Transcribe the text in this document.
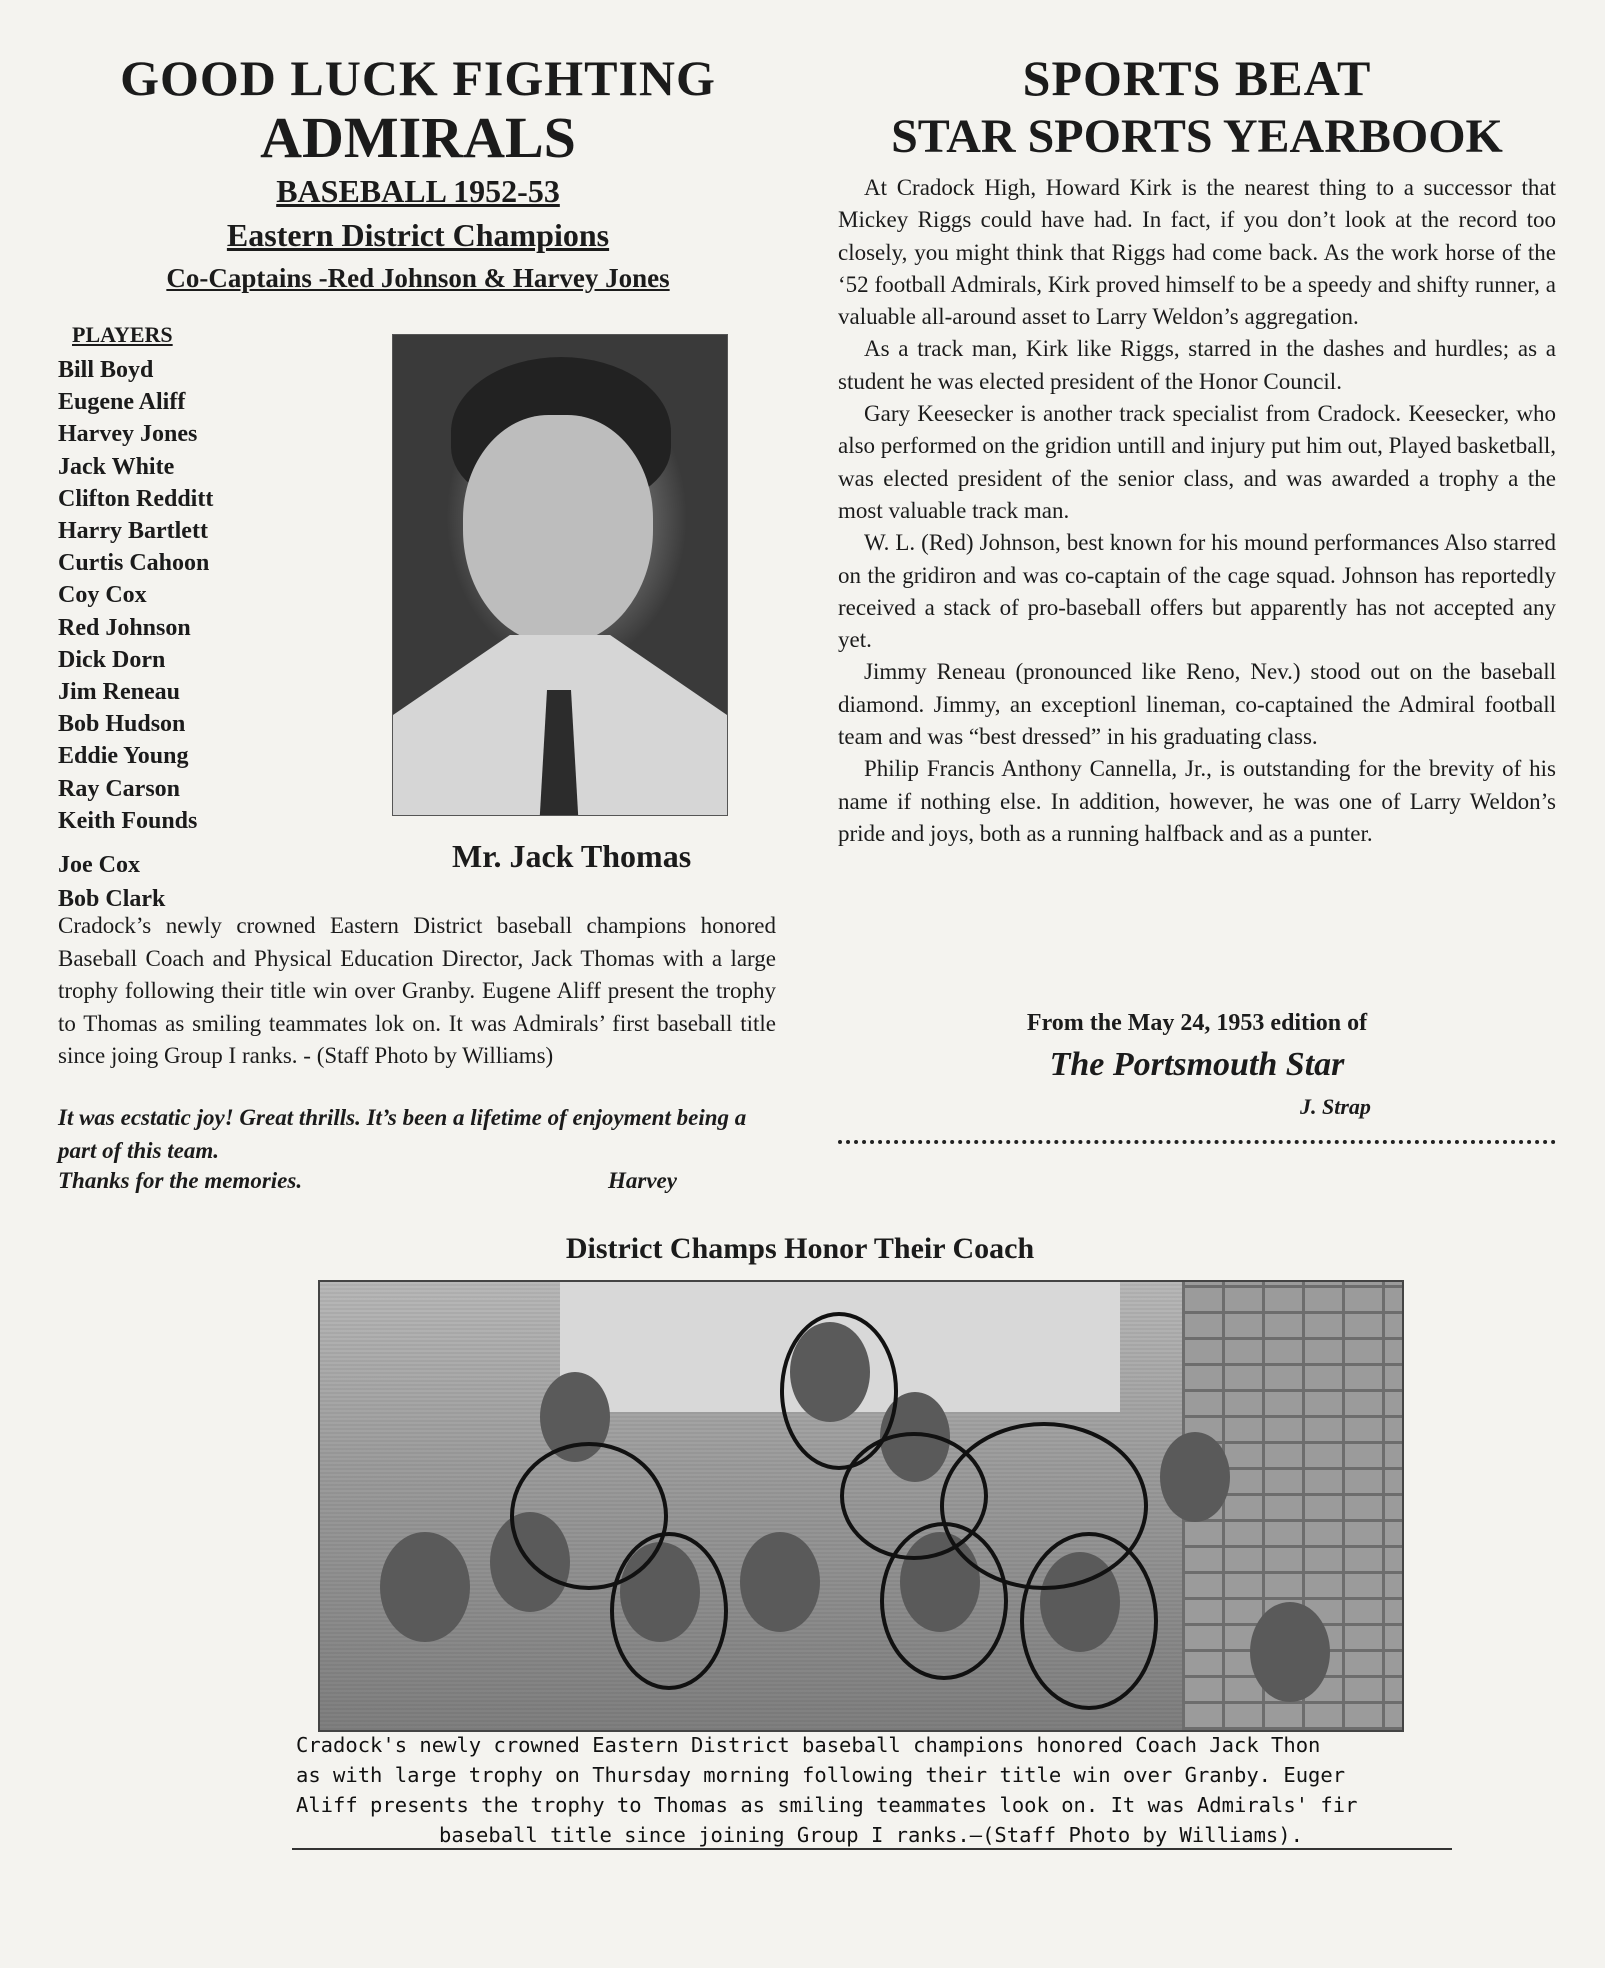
GOOD LUCK FIGHTING
ADMIRALS
BASEBALL 1952-53
Eastern District Champions
Co-Captains -Red Johnson & Harvey Jones
PLAYERS
Bill Boyd
Eugene Aliff
Harvey Jones
Jack White
Clifton Redditt
Harry Bartlett
Curtis Cahoon
Coy Cox
Red Johnson
Dick Dorn
Jim Reneau
Bob Hudson
Eddie Young
Ray Carson
Keith Founds
Joe Cox
Bob Clark
Mr. Jack Thomas
Cradock’s newly crowned Eastern District baseball champions honored Baseball Coach and Physical Education Director, Jack Thomas with a large trophy following their title win over Granby. Eugene Aliff present the trophy to Thomas as smiling teammates lok on. It was Admirals’ first baseball title since joing Group I ranks. - (Staff Photo by Williams)
It was ecstatic joy! Great thrills. It’s been a lifetime of enjoyment being a part of this team.
Thanks for the memories.	Harvey
SPORTS BEAT
STAR SPORTS YEARBOOK

At Cradock High, Howard Kirk is the nearest thing to a successor that Mickey Riggs could have had. In fact, if you don’t look at the record too closely, you might think that Riggs had come back. As the work horse of the ‘52 football Admirals, Kirk proved himself to be a speedy and shifty runner, a valuable all-around asset to Larry Weldon’s aggregation.

As a track man, Kirk like Riggs, starred in the dashes and hurdles; as a student he was elected president of the Honor Council.

Gary Keesecker is another track specialist from Cradock. Keesecker, who also performed on the gridion untill and injury put him out, Played basketball, was elected president of the senior class, and was awarded a trophy a the most valuable track man.

W. L. (Red) Johnson, best known for his mound performances Also starred on the gridiron and was co-captain of the cage squad. Johnson has reportedly received a stack of pro-baseball offers but apparently has not accepted any yet.

Jimmy Reneau (pronounced like Reno, Nev.) stood out on the baseball diamond. Jimmy, an exceptionl lineman, co-captained the Admiral football team and was “best dressed” in his graduating class.

Philip Francis Anthony Cannella, Jr., is outstanding for the brevity of his name if nothing else. In addition, however, he was one of Larry Weldon’s pride and joys, both as a running halfback and as a punter.

From the May 24, 1953 edition of
The Portsmouth Star
J. Strap
District Champs Honor Their Coach
Cradock's newly crowned Eastern District baseball champions honored Coach Jack Thon
as with large trophy on Thursday morning following their title win over Granby. Euger
Aliff presents the trophy to Thomas as smiling teammates look on. It was Admirals' fir
baseball title since joining Group I ranks.—(Staff Photo by Williams).
